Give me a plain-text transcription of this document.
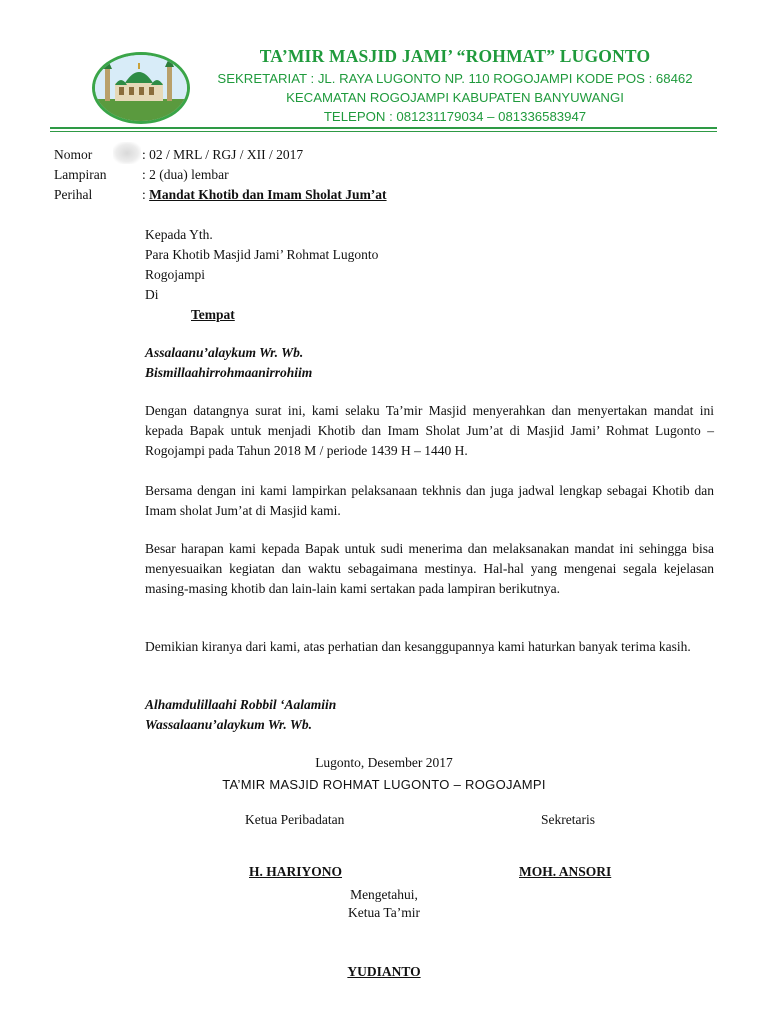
TA’MIR MASJID JAMI’ “ROHMAT” LUGONTO
SEKRETARIAT : JL. RAYA LUGONTO NP. 110 ROGOJAMPI KODE POS : 68462
KECAMATAN ROGOJAMPI KABUPATEN BANYUWANGI
TELEPON : 081231179034 – 081336583947
Nomor	: 02 / MRL / RGJ / XII / 2017
Lampiran	: 2 (dua) lembar
Perihal	: Mandat Khotib dan Imam Sholat Jum’at
Kepada Yth.
Para Khotib Masjid Jami’ Rohmat Lugonto
Rogojampi
Di
Tempat
Assalaanu’alaykum Wr. Wb.
Bismillaahirrohmaanirrohiim
Dengan datangnya surat ini, kami selaku Ta’mir Masjid menyerahkan dan menyertakan mandat ini kepada Bapak untuk menjadi Khotib dan Imam Sholat Jum’at di Masjid Jami’ Rohmat Lugonto – Rogojampi pada Tahun 2018 M / periode 1439 H – 1440 H.
Bersama dengan ini kami lampirkan pelaksanaan tekhnis dan juga jadwal lengkap sebagai Khotib dan Imam sholat Jum’at di Masjid kami.
Besar harapan kami kepada Bapak untuk sudi menerima dan melaksanakan mandat ini sehingga bisa menyesuaikan kegiatan dan waktu sebagaimana mestinya. Hal-hal yang mengenai segala kejelasan masing-masing khotib dan lain-lain kami sertakan pada lampiran berikutnya.
Demikian kiranya dari kami, atas perhatian dan kesanggupannya kami haturkan banyak terima kasih.
Alhamdulillaahi Robbil ‘Aalamiin
Wassalaanu’alaykum Wr. Wb.
Lugonto, Desember 2017
TA’MIR MASJID ROHMAT LUGONTO – ROGOJAMPI
Ketua Peribadatan	Sekretaris
H. HARIYONO	MOH. ANSORI
Mengetahui,
Ketua Ta’mir
YUDIANTO
